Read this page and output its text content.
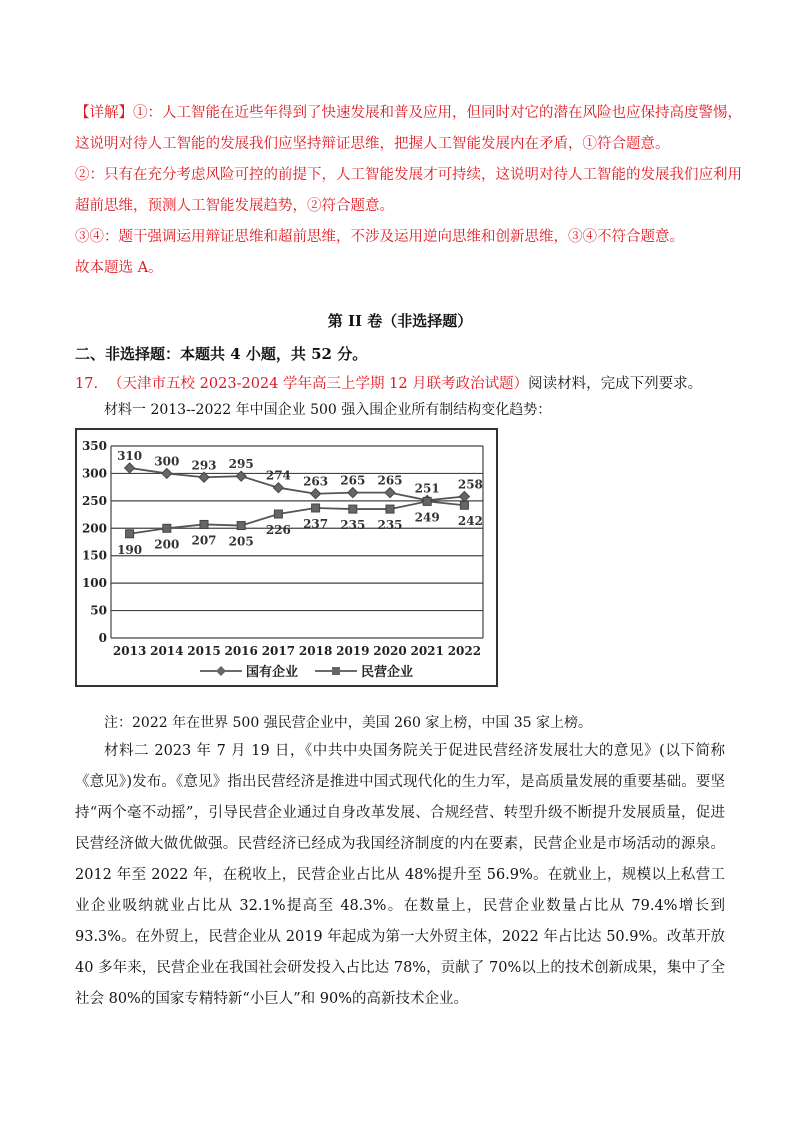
【详解】①：人工智能在近些年得到了快速发展和普及应用，但同时对它的潜在风险也应保持高度警惕，
这说明对待人工智能的发展我们应坚持辩证思维，把握人工智能发展内在矛盾，①符合题意。
②：只有在充分考虑风险可控的前提下，人工智能发展才可持续，这说明对待人工智能的发展我们应利用
超前思维，预测人工智能发展趋势，②符合题意。
③④：题干强调运用辩证思维和超前思维，不涉及运用逆向思维和创新思维，③④不符合题意。
故本题选 A。
第 II 卷（非选择题）
二、非选择题：本题共 4 小题，共 52 分。
17. （天津市五校 2023-2024 学年高三上学期 12 月联考政治试题）阅读材料，完成下列要求。
材料一 2013--2022 年中国企业 500 强入围企业所有制结构变化趋势：
0
50
100
150
200
250
300
350
2013 2014 2015 2016 2017 2018 2019 2020 2021 2022
310 300 293 295
274 263 265 265
251 258
190 200 207 205
226 237 235 235
249 242
国有企业	民营企业
注：2022 年在世界 500 强民营企业中，美国 260 家上榜，中国 35 家上榜。
材料二 2023 年 7 月 19 日，《中共中央国务院关于促进民营经济发展壮大的意见》(以下简称《意见》)发布。《意见》指出民营经济是推进中国式现代化的生力军，是高质量发展的重要基础。要坚持“两个毫不动摇”，引导民营企业通过自身改革发展、合规经营、转型升级不断提升发展质量，促进民营经济做大做优做强。民营经济已经成为我国经济制度的内在要素，民营企业是市场活动的源泉。2012 年至 2022 年，在税收上，民营企业占比从 48%提升至 56.9%。在就业上，规模以上私营工业企业吸纳就业占比从 32.1%提高至 48.3%。在数量上，民营企业数量占比从 79.4%增长到 93.3%。在外贸上，民营企业从 2019 年起成为第一大外贸主体，2022 年占比达 50.9%。改革开放 40 多年来，民营企业在我国社会研发投入占比达 78%，贡献了 70%以上的技术创新成果，集中了全社会 80%的国家专精特新“小巨人”和 90%的高新技术企业。
